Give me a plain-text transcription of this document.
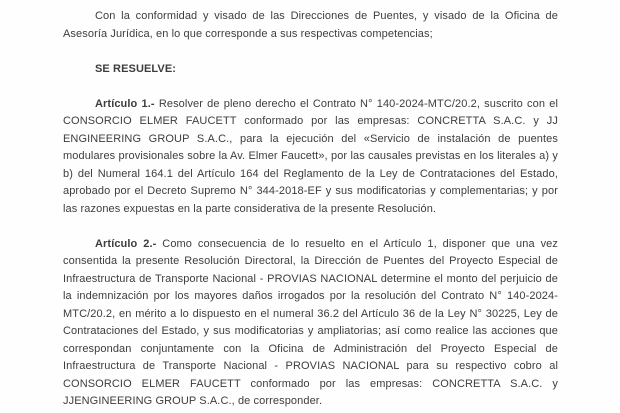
Con la conformidad y visado de las Direcciones de Puentes, y visado de la Oficina de Asesoría Jurídica, en lo que corresponde a sus respectivas competencias;

SE RESUELVE:

Artículo 1.- Resolver de pleno derecho el Contrato N° 140-2024-MTC/20.2, suscrito con el CONSORCIO ELMER FAUCETT conformado por las empresas: CONCRETTA S.A.C. y JJ ENGINEERING GROUP S.A.C., para la ejecución del «Servicio de instalación de puentes modulares provisionales sobre la Av. Elmer Faucett», por las causales previstas en los literales a) y b) del Numeral 164.1 del Artículo 164 del Reglamento de la Ley de Contrataciones del Estado, aprobado por el Decreto Supremo N° 344-2018-EF y sus modificatorias y complementarias; y por las razones expuestas en la parte considerativa de la presente Resolución.

Artículo 2.- Como consecuencia de lo resuelto en el Artículo 1, disponer que una vez consentida la presente Resolución Directoral, la Dirección de Puentes del Proyecto Especial de Infraestructura de Transporte Nacional - PROVIAS NACIONAL determine el monto del perjuicio de la indemnización por los mayores daños irrogados por la resolución del Contrato N° 140-2024-MTC/20.2, en mérito a lo dispuesto en el numeral 36.2 del Artículo 36 de la Ley N° 30225, Ley de Contrataciones del Estado, y sus modificatorias y ampliatorias; así como realice las acciones que correspondan conjuntamente con la Oficina de Administración del Proyecto Especial de Infraestructura de Transporte Nacional - PROVIAS NACIONAL para su respectivo cobro al CONSORCIO ELMER FAUCETT conformado por las empresas: CONCRETTA S.A.C. y JJENGINEERING GROUP S.A.C., de corresponder.
